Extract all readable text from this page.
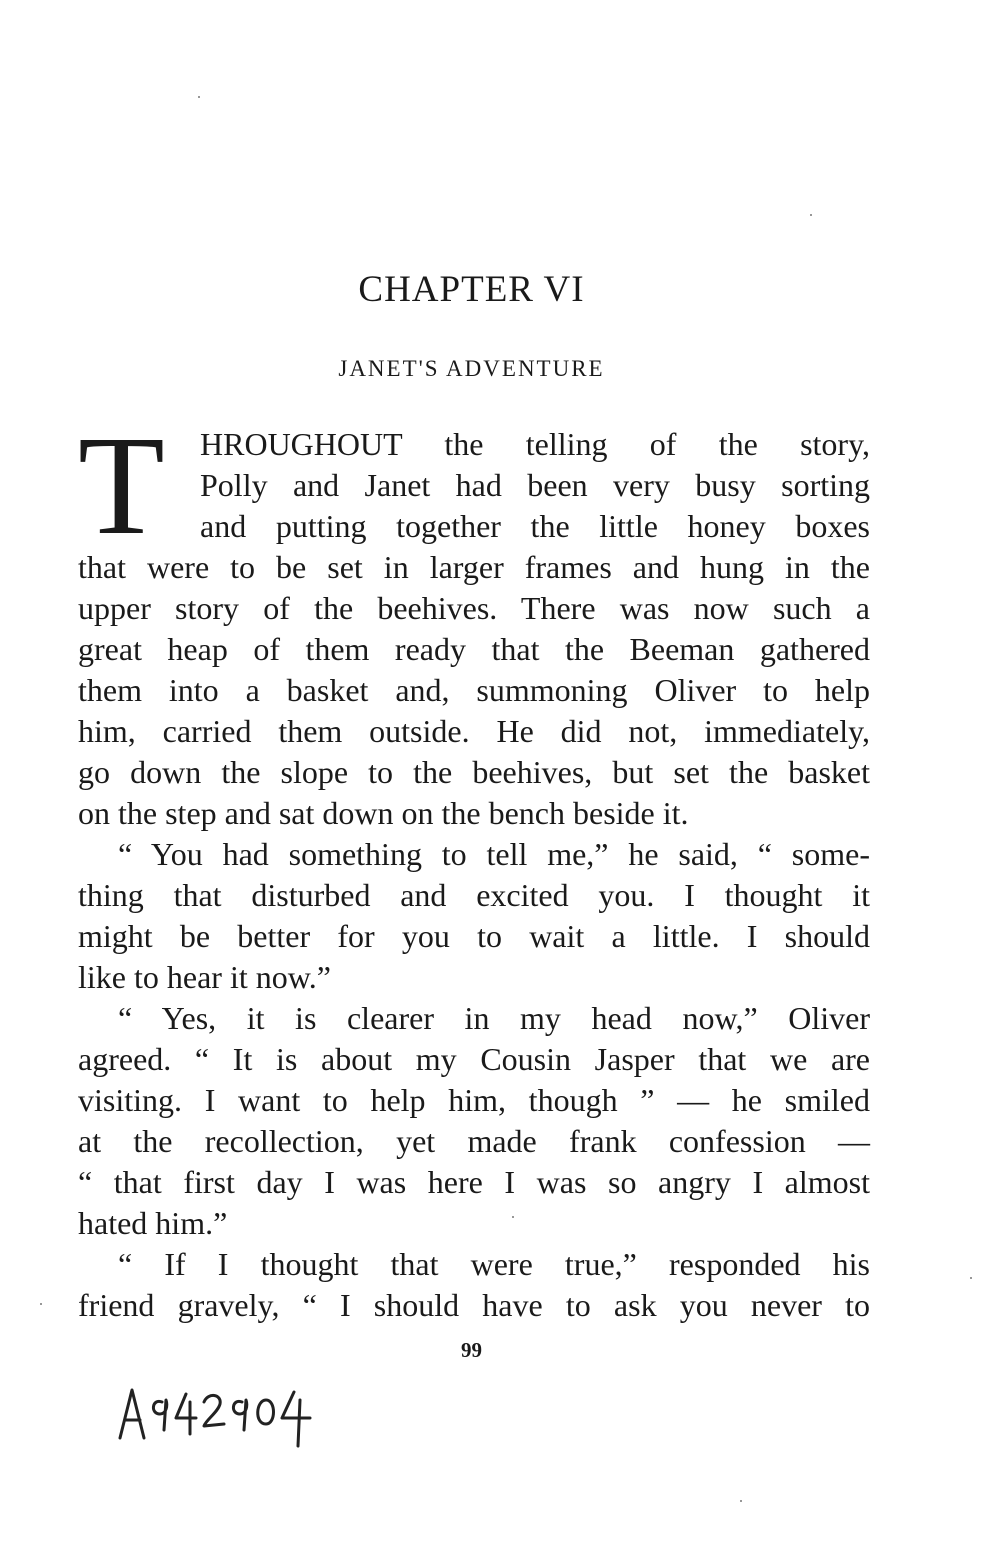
CHAPTER VI
JANET'S ADVENTURE
T HROUGHOUT the telling of the story,
Polly and Janet had been very busy sorting
and putting together the little honey boxes
that were to be set in larger frames and hung in the
upper story of the beehives. There was now such a
great heap of them ready that the Beeman gathered
them into a basket and, summoning Oliver to help
him, carried them outside. He did not, immediately,
go down the slope to the beehives, but set the basket
on the step and sat down on the bench beside it.
“ You had something to tell me,” he said, “ some-
thing that disturbed and excited you. I thought it
might be better for you to wait a little. I should
like to hear it now.”
“ Yes, it is clearer in my head now,” Oliver
agreed. “ It is about my Cousin Jasper that we are
visiting. I want to help him, though ” — he smiled
at the recollection, yet made frank confession —
“ that first day I was here I was so angry I almost
hated him.”
“ If I thought that were true,” responded his
friend gravely, “ I should have to ask you never to
99
